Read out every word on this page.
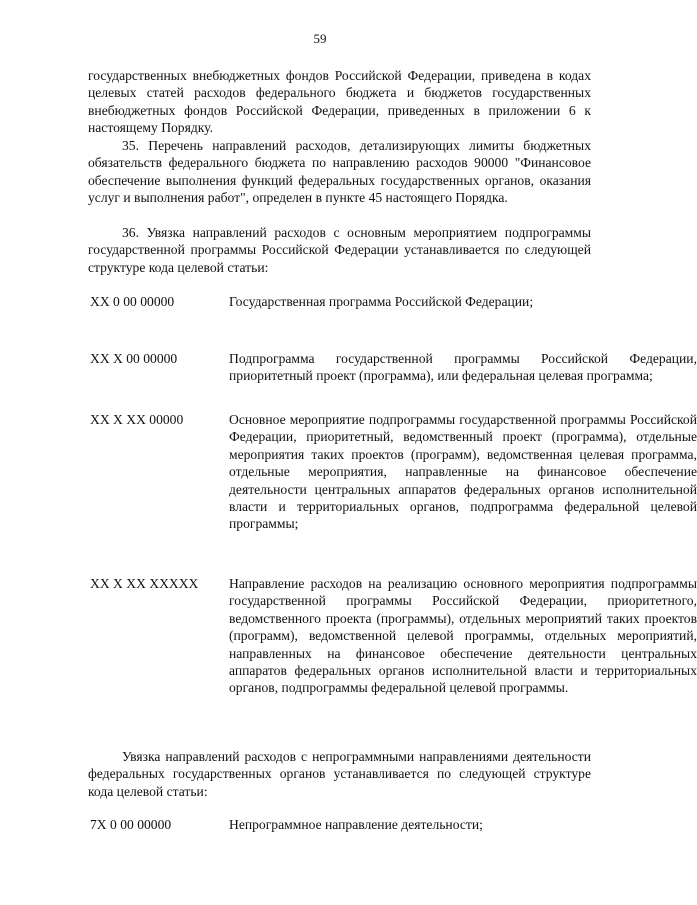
59

государственных внебюджетных фондов Российской Федерации, приведена в кодах целевых статей расходов федерального бюджета и бюджетов государственных внебюджетных фондов Российской Федерации, приведенных в приложении 6 к настоящему Порядку.

35. Перечень направлений расходов, детализирующих лимиты бюджетных обязательств федерального бюджета по направлению расходов 90000 "Финансовое обеспечение выполнения функций федеральных государственных органов, оказания услуг и выполнения работ", определен в пункте 45 настоящего Порядка.

36. Увязка направлений расходов с основным мероприятием подпрограммы государственной программы Российской Федерации устанавливается по следующей структуре кода целевой статьи:

XX 0 00 00000	Государственная программа Российской Федерации;

XX X 00 00000	Подпрограмма государственной программы Российской Федерации, приоритетный проект (программа), или федеральная целевая программа;

XX X XX 00000	Основное мероприятие подпрограммы государственной программы Российской Федерации, приоритетный, ведомственный проект (программа), отдельные мероприятия таких проектов (программ), ведомственная целевая программа, отдельные мероприятия, направленные на финансовое обеспечение деятельности центральных аппаратов федеральных органов исполнительной власти и территориальных органов, подпрограмма федеральной целевой программы;

XX X XX XXXXX	Направление расходов на реализацию основного мероприятия подпрограммы государственной программы Российской Федерации, приоритетного, ведомственного проекта (программы), отдельных мероприятий таких проектов (программ), ведомственной целевой программы, отдельных мероприятий, направленных на финансовое обеспечение деятельности центральных аппаратов федеральных органов исполнительной власти и территориальных органов, подпрограммы федеральной целевой программы.

Увязка направлений расходов с непрограммными направлениями деятельности федеральных государственных органов устанавливается по следующей структуре кода целевой статьи:

7X 0 00 00000	Непрограммное направление деятельности;
